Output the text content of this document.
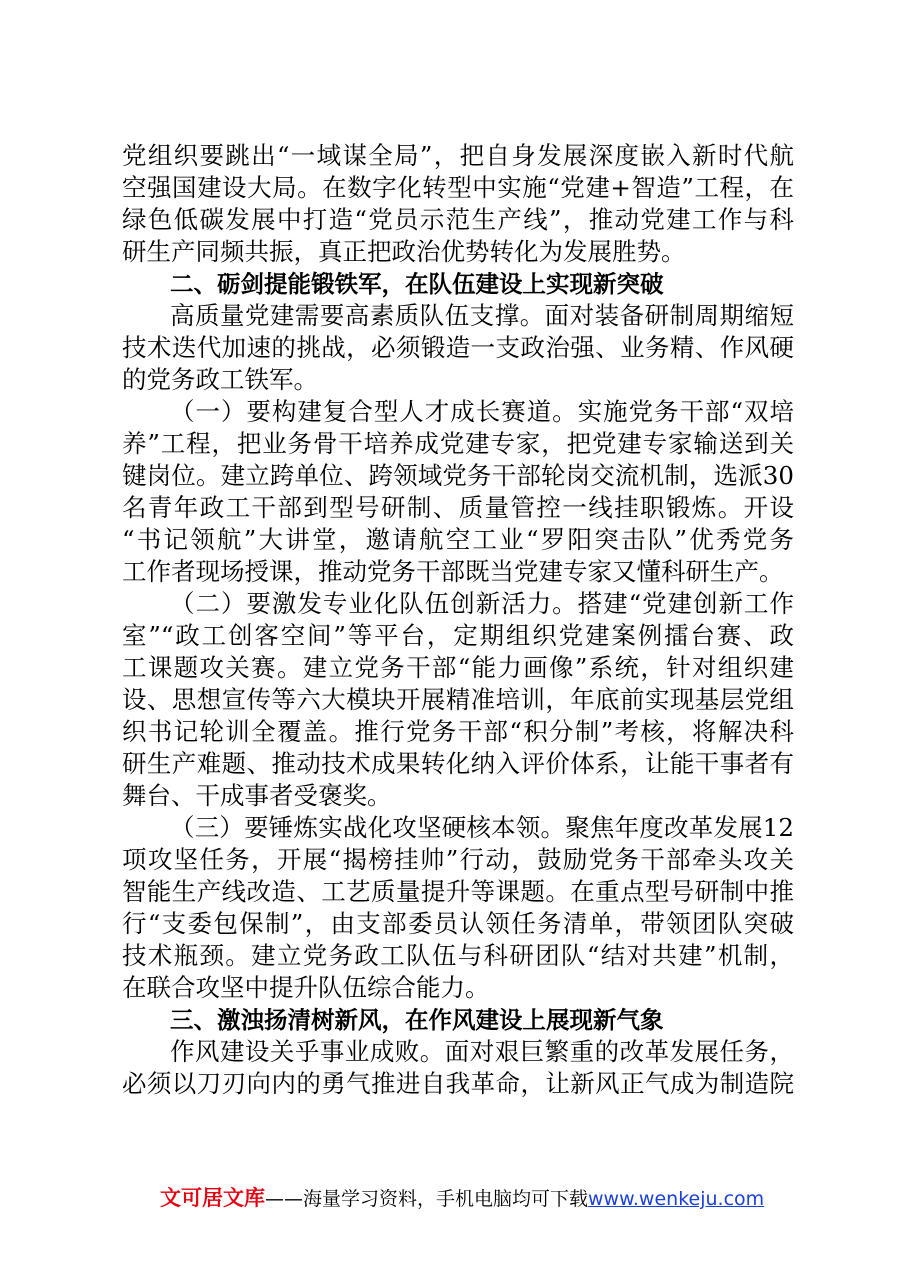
党组织要跳出“一域谋全局”，把自身发展深度嵌入新时代航
空强国建设大局。在数字化转型中实施“党建+智造”工程，在
绿色低碳发展中打造“党员示范生产线”，推动党建工作与科
研生产同频共振，真正把政治优势转化为发展胜势。
二、砺剑提能锻铁军，在队伍建设上实现新突破
高质量党建需要高素质队伍支撑。面对装备研制周期缩短
技术迭代加速的挑战，必须锻造一支政治强、业务精、作风硬
的党务政工铁军。
（一）要构建复合型人才成长赛道。实施党务干部“双培
养”工程，把业务骨干培养成党建专家，把党建专家输送到关
键岗位。建立跨单位、跨领域党务干部轮岗交流机制，选派30
名青年政工干部到型号研制、质量管控一线挂职锻炼。开设
“书记领航”大讲堂，邀请航空工业“罗阳突击队”优秀党务
工作者现场授课，推动党务干部既当党建专家又懂科研生产。
（二）要激发专业化队伍创新活力。搭建“党建创新工作
室”“政工创客空间”等平台，定期组织党建案例擂台赛、政
工课题攻关赛。建立党务干部“能力画像”系统，针对组织建
设、思想宣传等六大模块开展精准培训，年底前实现基层党组
织书记轮训全覆盖。推行党务干部“积分制”考核，将解决科
研生产难题、推动技术成果转化纳入评价体系，让能干事者有
舞台、干成事者受褒奖。
（三）要锤炼实战化攻坚硬核本领。聚焦年度改革发展12
项攻坚任务，开展“揭榜挂帅”行动，鼓励党务干部牵头攻关
智能生产线改造、工艺质量提升等课题。在重点型号研制中推
行“支委包保制”，由支部委员认领任务清单，带领团队突破
技术瓶颈。建立党务政工队伍与科研团队“结对共建”机制，
在联合攻坚中提升队伍综合能力。
三、激浊扬清树新风，在作风建设上展现新气象
作风建设关乎事业成败。面对艰巨繁重的改革发展任务，
必须以刀刃向内的勇气推进自我革命，让新风正气成为制造院
文可居文库——海量学习资料，手机电脑均可下载www.wenkeju.com
